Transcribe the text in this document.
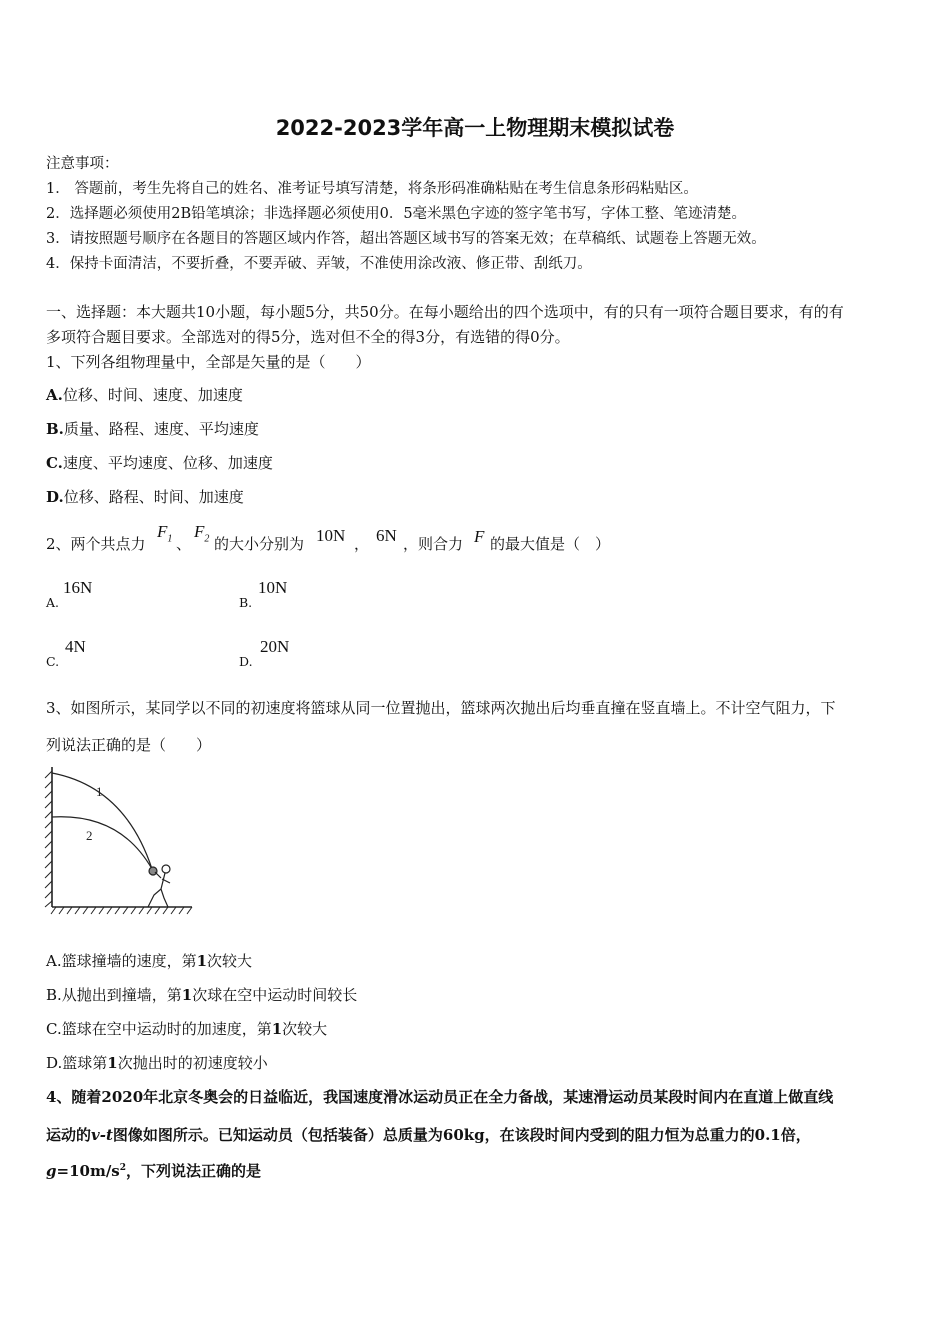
2022-2023学年高一上物理期末模拟试卷
注意事项：
1． 答题前，考生先将自己的姓名、准考证号填写清楚，将条形码准确粘贴在考生信息条形码粘贴区。
2．选择题必须使用2B铅笔填涂；非选择题必须使用0．5毫米黑色字迹的签字笔书写，字体工整、笔迹清楚。
3．请按照题号顺序在各题目的答题区域内作答，超出答题区域书写的答案无效；在草稿纸、试题卷上答题无效。
4．保持卡面清洁，不要折叠，不要弄破、弄皱，不准使用涂改液、修正带、刮纸刀。
一、选择题：本大题共10小题，每小题5分，共50分。在每小题给出的四个选项中，有的只有一项符合题目要求，有的有
多项符合题目要求。全部选对的得5分，选对但不全的得3分，有选错的得0分。
1、下列各组物理量中，全部是矢量的是（　　）
A.位移、时间、速度、加速度
B.质量、路程、速度、平均速度
C.速度、平均速度、位移、加速度
D.位移、路程、时间、加速度
2、两个共点力
$F_1$ 、
$F_2$ 的大小分别为 10N ， 6N ，则合力 F 的最大值是（　）
A.
16N
B.
10N
C.
4N
D.
20N
3、如图所示，某同学以不同的初速度将篮球从同一位置抛出，篮球两次抛出后均垂直撞在竖直墙上。不计空气阻力，下
列说法正确的是（　　）
1
2
A.篮球撞墙的速度，第1次较大
B.从抛出到撞墙，第1次球在空中运动时间较长
C.篮球在空中运动时的加速度，第1次较大
D.篮球第1次抛出时的初速度较小
4、随着2020年北京冬奥会的日益临近，我国速度滑冰运动员正在全力备战，某速滑运动员某段时间内在直道上做直线
运动的v-t图像如图所示。已知运动员（包括装备）总质量为60kg，在该段时间内受到的阻力恒为总重力的0.1倍，
$g=10m/s^2$，下列说法正确的是
